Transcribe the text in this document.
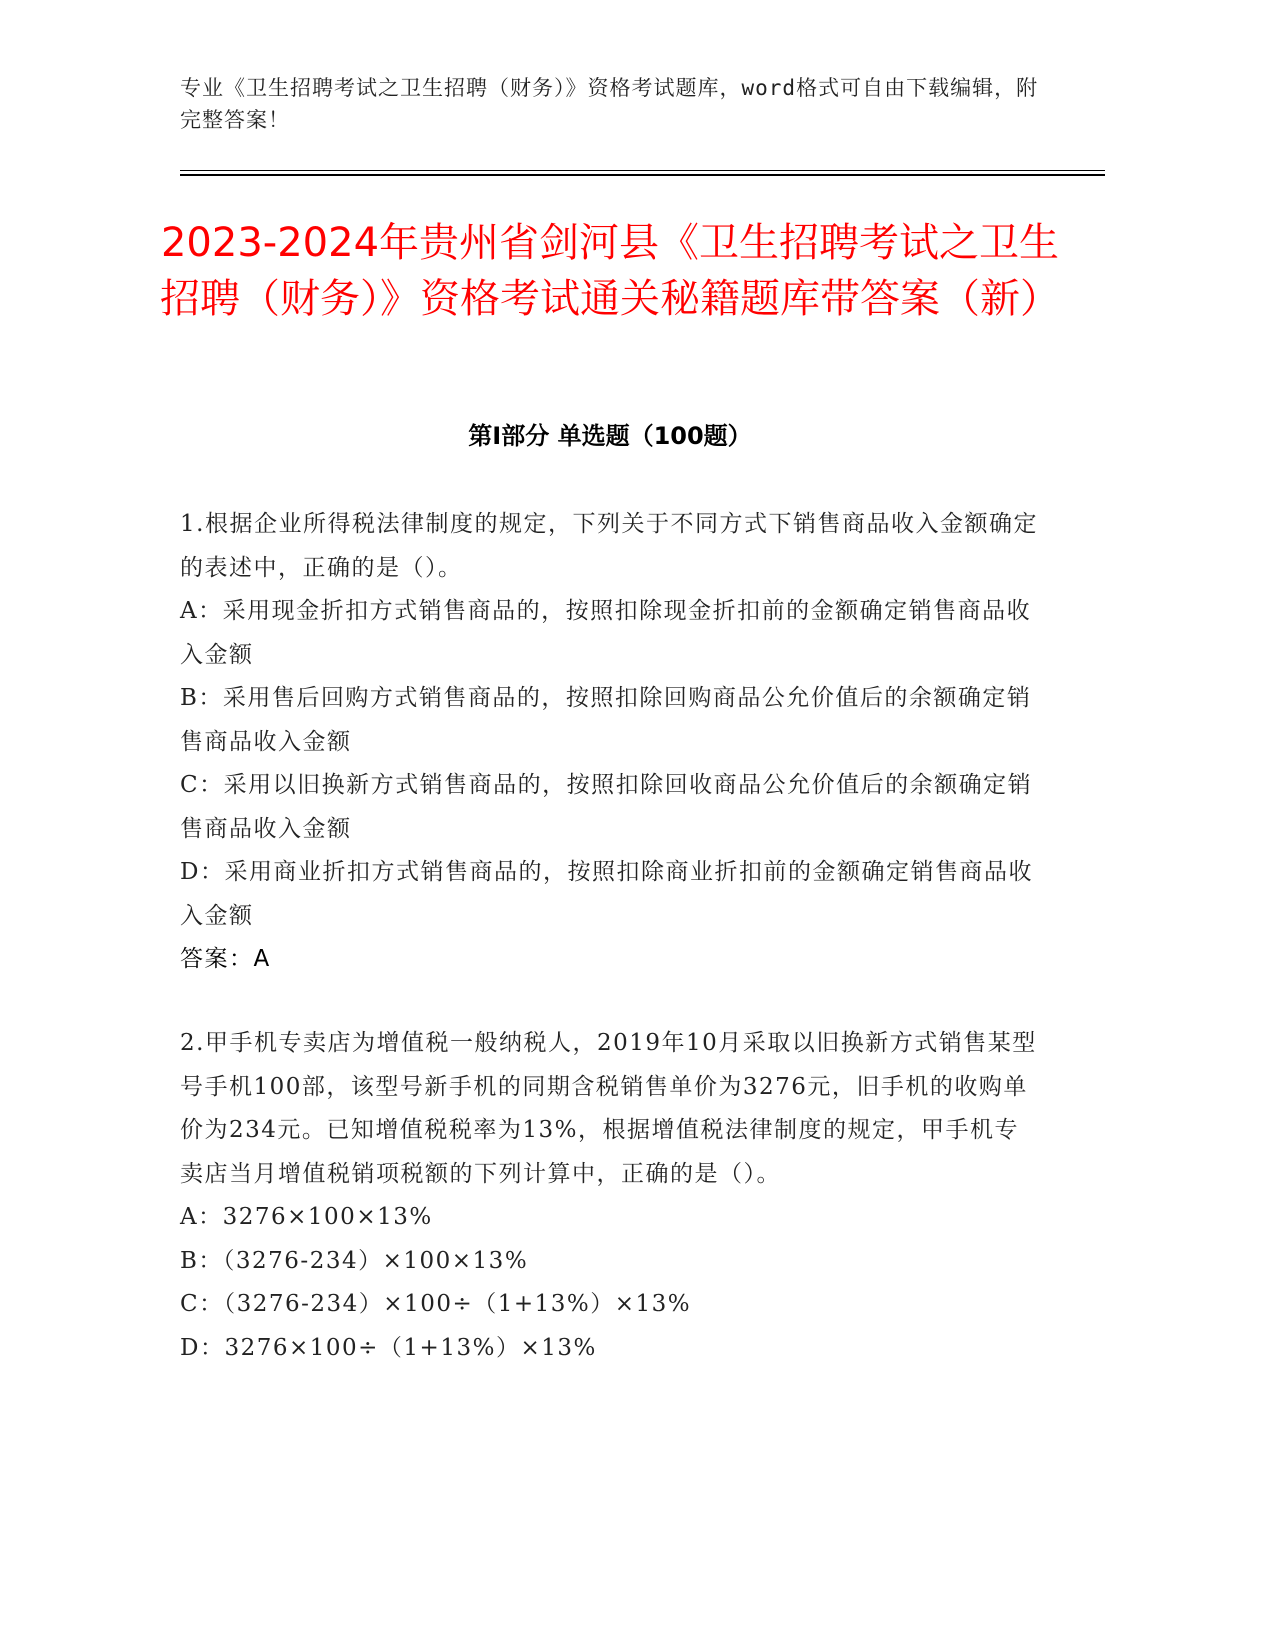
专业《卫生招聘考试之卫生招聘（财务）》资格考试题库，word格式可自由下载编辑，附完整答案！
2023-2024年贵州省剑河县《卫生招聘考试之卫生招聘（财务）》资格考试通关秘籍题库带答案（新）
第I部分 单选题（100题）

1.根据企业所得税法律制度的规定，下列关于不同方式下销售商品收入金额确定的表述中，正确的是（）。

A：采用现金折扣方式销售商品的，按照扣除现金折扣前的金额确定销售商品收入金额

B：采用售后回购方式销售商品的，按照扣除回购商品公允价值后的余额确定销售商品收入金额

C：采用以旧换新方式销售商品的，按照扣除回收商品公允价值后的余额确定销售商品收入金额

D：采用商业折扣方式销售商品的，按照扣除商业折扣前的金额确定销售商品收入金额

答案：A

2.甲手机专卖店为增值税一般纳税人，2019年10月采取以旧换新方式销售某型号手机100部，该型号新手机的同期含税销售单价为3276元，旧手机的收购单价为234元。已知增值税税率为13%，根据增值税法律制度的规定，甲手机专卖店当月增值税销项税额的下列计算中，正确的是（）。

A：3276×100×13%

B：（3276-234）×100×13%

C：（3276-234）×100÷（1+13%）×13%

D：3276×100÷（1+13%）×13%
